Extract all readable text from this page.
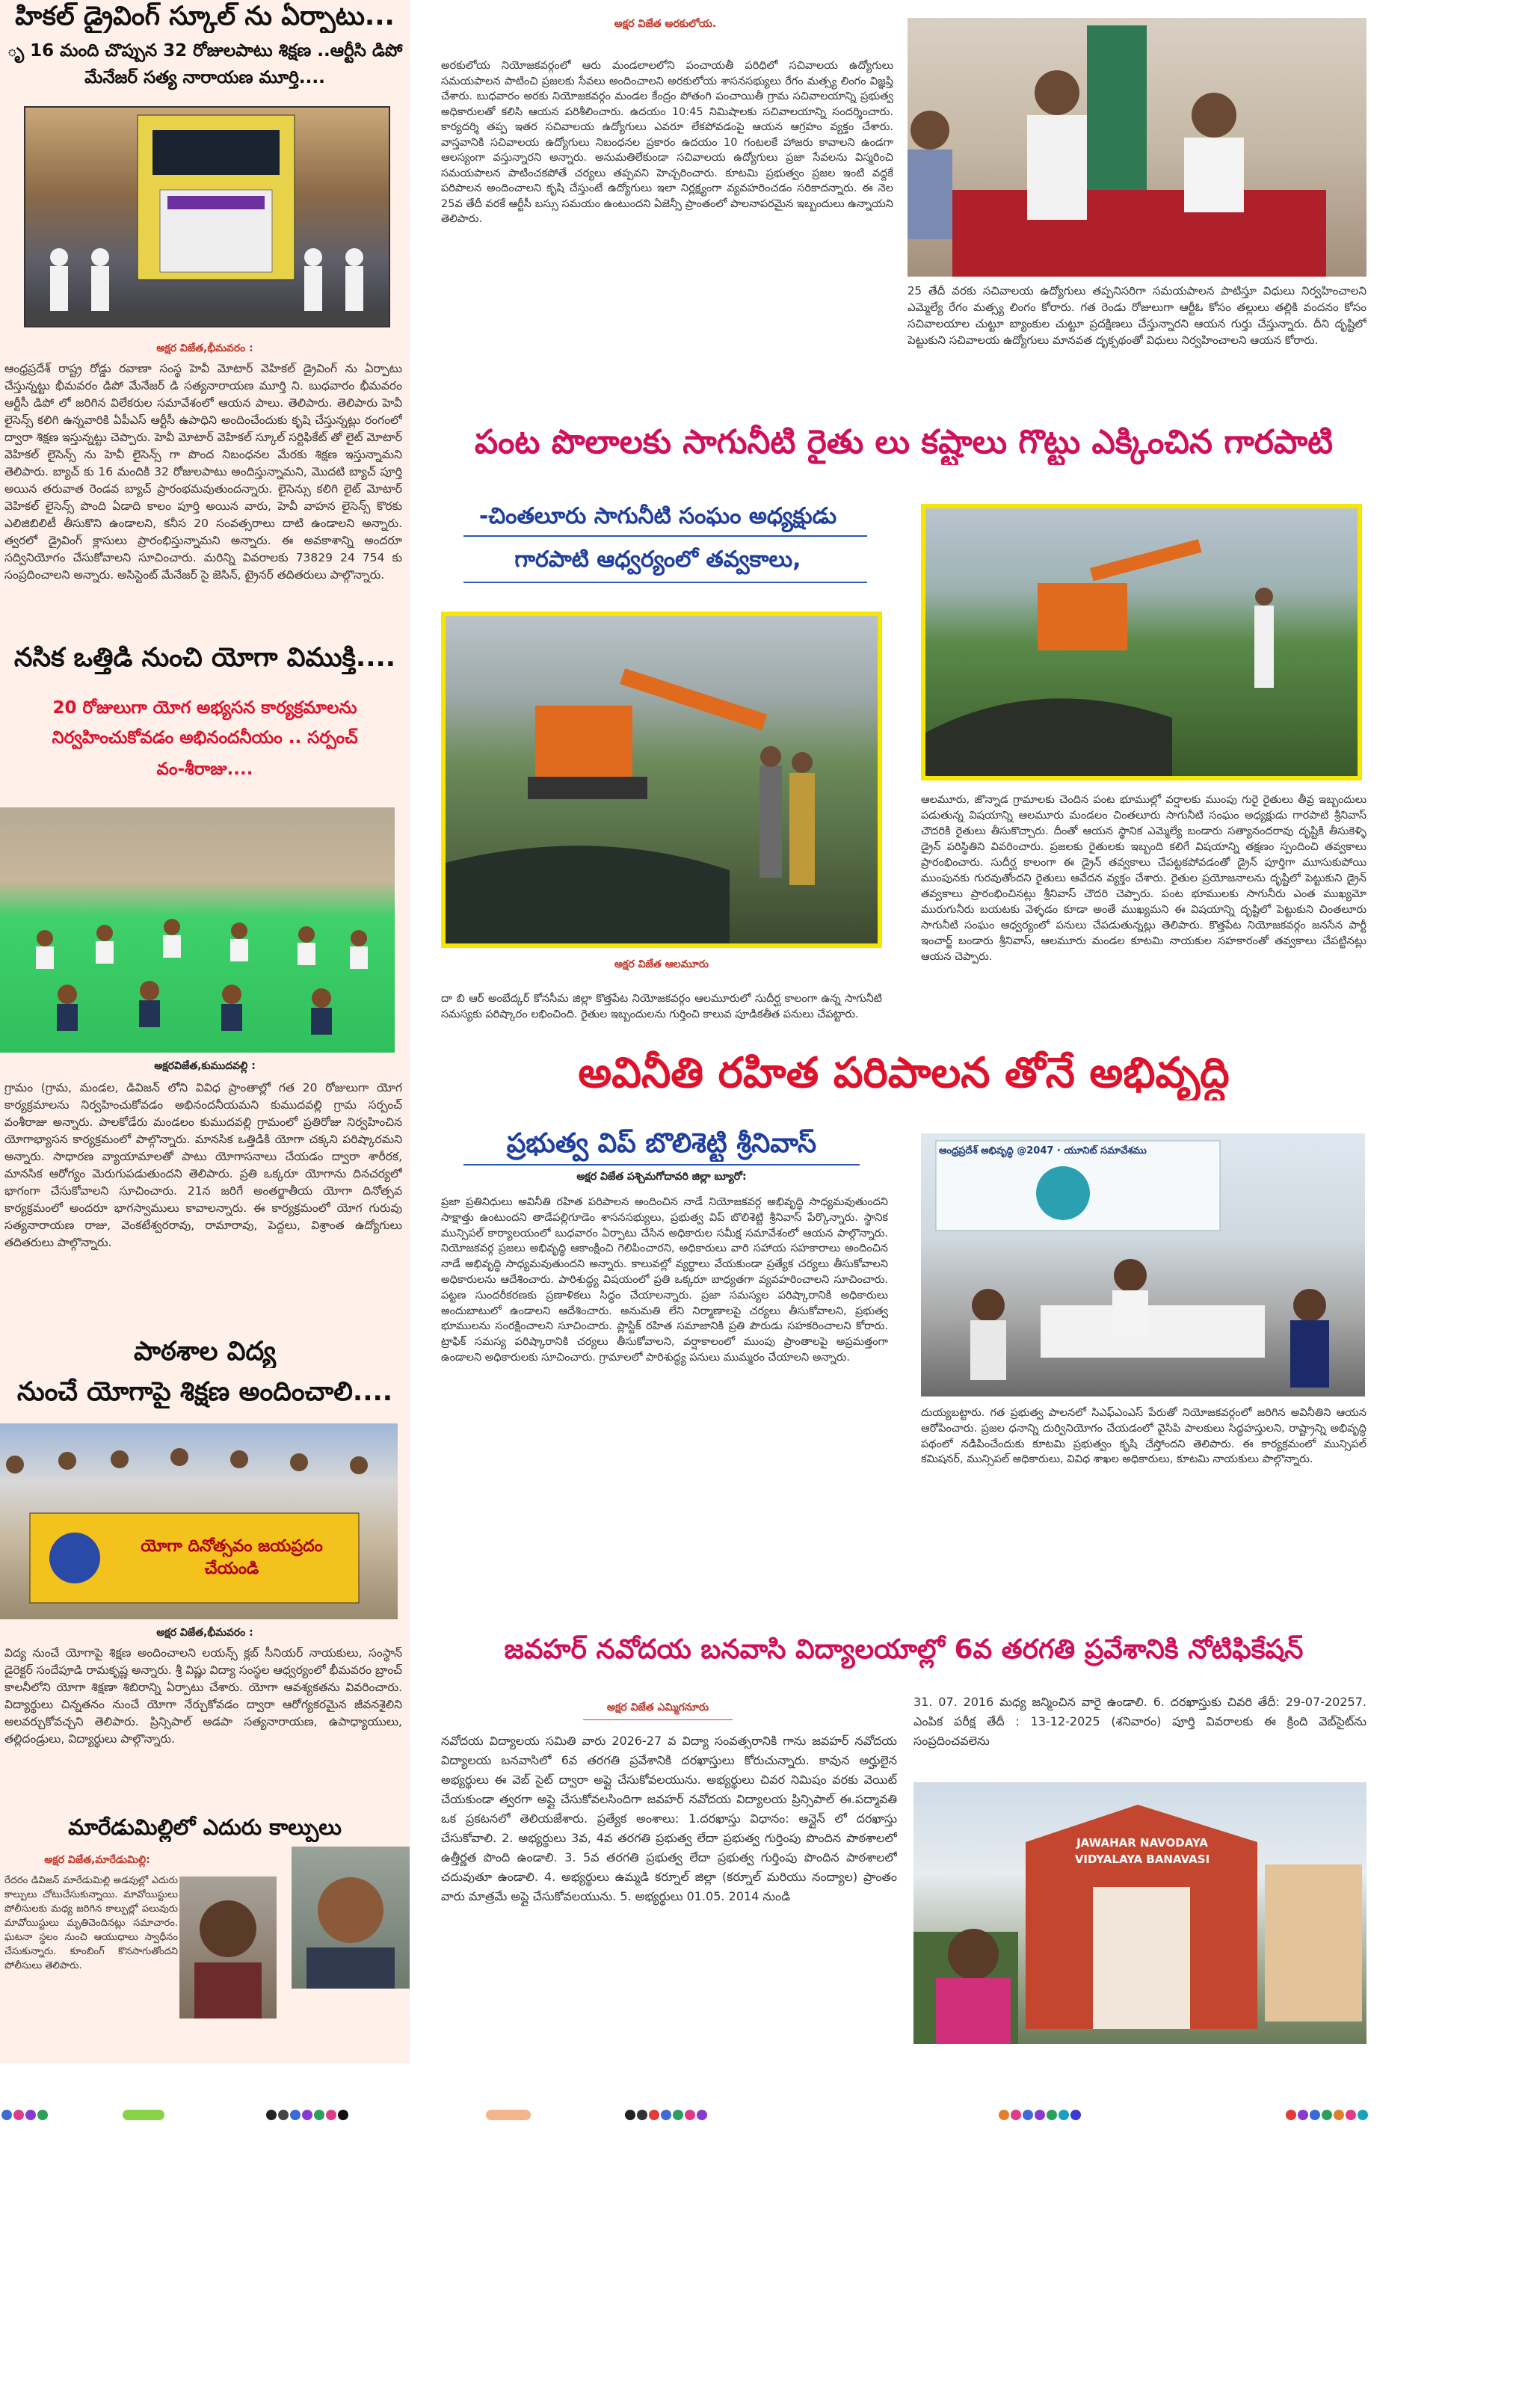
హికల్ డ్రైవింగ్ స్కూల్ ను ఏర్పాటు...
ృ 16 మంది చొప్పున 32 రోజులపాటు శిక్షణ ..ఆర్టీసి డిపో మేనేజర్ సత్య నారాయణ మూర్తి....
అక్షర విజేత,భీమవరం :
ఆంధ్రప్రదేశ్ రాష్ట్ర రోడ్డు రవాణా సంస్థ హెవీ మోటార్ వెహికల్ డ్రైవింగ్ ను ఏర్పాటు చేస్తున్నట్టు భీమవరం డిపో మేనేజర్ డి సత్యనారాయణ మూర్తి ని. బుధవారం భీమవరం ఆర్టీసీ డిపో లో జరిగిన విలేకరుల సమావేశంలో ఆయన పాలు. తెలిపారు. తెలిపారు హెవీ లైసెన్స్ కలిగి ఉన్నవారికి ఏపీఎస్ ఆర్టీసీ ఉపాధిని అందించేందుకు కృషి చేస్తున్నట్లు రంగంలో ద్వారా శిక్షణ ఇస్తున్నట్టు చెప్పారు. హెవీ మోటార్ వెహికల్ స్కూల్ సర్టిఫికేట్ తో లైట్ మోటార్ వెహికల్ లైసెన్స్ ను హెవీ లైసెన్స్ గా పొంద నిబంధనల మేరకు శిక్షణ ఇస్తున్నామని తెలిపారు. బ్యాచ్ కు 16 మందికి 32 రోజులపాటు అందిస్తున్నామని, మొదటి బ్యాచ్ పూర్తి అయిన తరువాత రెండవ బ్యాచ్ ప్రారంభమవుతుందన్నారు. లైసెన్సు కలిగి లైట్ మోటార్ వెహికల్ లైసెన్స్ పొంది ఏడాది కాలం పూర్తి అయిన వారు, హెవీ వాహన లైసెన్స్ కొరకు ఎలిజిబిలిటీ తీసుకొని ఉండాలని, కనీస 20 సంవత్సరాలు దాటి ఉండాలని అన్నారు. త్వరలో డ్రైవింగ్ క్లాసులు ప్రారంభిస్తున్నామని అన్నారు. ఈ అవకాశాన్ని అందరూ సద్వినియోగం చేసుకోవాలని సూచించారు. మరిన్ని వివరాలకు 73829 24 754 కు సంప్రదించాలని అన్నారు. అసిస్టెంట్ మేనేజర్ సై జెసిన్, ట్రైనర్ తదితరులు పాల్గొన్నారు.
నసిక ఒత్తిడి నుంచి యోగా విముక్తి....
20 రోజులుగా యోగ అభ్యసన కార్యక్రమాలను
నిర్వహించుకోవడం అభినందనీయం .. సర్పంచ్
వం-శీరాజు....
అక్షరవిజేత,కుముదవల్లి :
గ్రామం (గ్రామ, మండల, డివిజన్ లోని వివిధ ప్రాంతాల్లో గత 20 రోజులుగా యోగ కార్యక్రమాలను నిర్వహించుకోవడం అభినందనీయమని కుముదవల్లి గ్రామ సర్పంచ్ వంశీరాజు అన్నారు. పాలకోడేరు మండలం కుముదవల్లి గ్రామంలో ప్రతిరోజు నిర్వహించిన యోగాభ్యాసన కార్యక్రమంలో పాల్గొన్నారు. మానసిక ఒత్తిడికి యోగా చక్కని పరిష్కారమని అన్నారు. సాధారణ వ్యాయామాలతో పాటు యోగాసనాలు చేయడం ద్వారా శారీరక, మానసిక ఆరోగ్యం మెరుగుపడుతుందని తెలిపారు. ప్రతి ఒక్కరూ యోగాను దినచర్యలో భాగంగా చేసుకోవాలని సూచించారు. 21న జరిగే అంతర్జాతీయ యోగా దినోత్సవ కార్యక్రమంలో అందరూ భాగస్వాములు కావాలన్నారు. ఈ కార్యక్రమంలో యోగ గురువు సత్యనారాయణ రాజు, వెంకటేశ్వరరావు, రామారావు, పెద్దలు, విశ్రాంత ఉద్యోగులు తదితరులు పాల్గొన్నారు.
పాఠశాల విద్య
నుంచే యోగాపై శిక్షణ అందించాలి....
యోగా దినోత్సవం జయప్రదం చేయండి
అక్షర విజేత,భీమవరం :
విద్య నుంచే యోగాపై శిక్షణ అందించాలని లయన్స్ క్లబ్ సీనియర్ నాయకులు, సంస్థాన్ డైరెక్టర్ సందేపూడి రామకృష్ణ అన్నారు. శ్రీ విష్ణు విద్యా సంస్థల ఆధ్వర్యంలో భీమవరం బ్రాంచ్ కాలనీలోని యోగా శిక్షణా శిబిరాన్ని ఏర్పాటు చేశారు. యోగా ఆవశ్యకతను వివరించారు. విద్యార్థులు చిన్నతనం నుంచే యోగా నేర్చుకోవడం ద్వారా ఆరోగ్యకరమైన జీవనశైలిని అలవర్చుకోవచ్చని తెలిపారు. ప్రిన్సిపాల్ అడపా సత్యనారాయణ, ఉపాధ్యాయులు, తల్లిదండ్రులు, విద్యార్థులు పాల్గొన్నారు.
మారేడుమిల్లిలో ఎదురు కాల్పులు
అక్షర విజేత,మారేడుమిల్లి:
రేదరం డివిజన్ మారేడుమిల్లి అడవుల్లో ఎదురు కాల్పులు చోటుచేసుకున్నాయి. మావోయిస్టులు పోలీసులకు మధ్య జరిగిన కాల్పుల్లో పలువురు మావోయిస్టులు మృతిచెందినట్లు సమాచారం. ఘటనా స్థలం నుంచి ఆయుధాలు స్వాధీనం చేసుకున్నారు. కూంబింగ్ కొనసాగుతోందని పోలీసులు తెలిపారు.
అక్షర విజేత అరకులోయ.
అరకులోయ నియోజకవర్గంలో ఆరు మండలాలలోని పంచాయతీ పరిధిలో సచివాలయ ఉద్యోగులు సమయపాలన పాటించి ప్రజలకు సేవలు అందించాలని అరకులోయ శాసనసభ్యులు రేగం మత్స్య లింగం విజ్ఞప్తి చేశారు. బుధవారం అరకు నియోజకవర్గం మండల కేంద్రం పోతంగి పంచాయితీ గ్రామ సచివాలయాన్ని ప్రభుత్వ అధికారులతో కలిసి ఆయన పరిశీలించారు. ఉదయం 10:45 నిమిషాలకు సచివాలయాన్ని సందర్శించారు. కార్యదర్శి తప్ప ఇతర సచివాలయ ఉద్యోగులు ఎవరూ లేకపోవడంపై ఆయన ఆగ్రహం వ్యక్తం చేశారు. వాస్తవానికి సచివాలయ ఉద్యోగులు నిబంధనల ప్రకారం ఉదయం 10 గంటలకే హాజరు కావాలని ఉండగా ఆలస్యంగా వస్తున్నారని అన్నారు. అనుమతిలేకుండా సచివాలయ ఉద్యోగులు ప్రజా సేవలను విస్మరించి సమయపాలన పాటించకపోతే చర్యలు తప్పవని హెచ్చరించారు. కూటమి ప్రభుత్వం ప్రజల ఇంటి వద్దకే పరిపాలన అందించాలని కృషి చేస్తుంటే ఉద్యోగులు ఇలా నిర్లక్ష్యంగా వ్యవహరించడం సరికాదన్నారు. ఈ నెల 25వ తేదీ వరకే ఆర్టీసీ బస్సు సమయం ఉంటుందని ఏజెన్సీ ప్రాంతంలో పాలనాపరమైన ఇబ్బందులు ఉన్నాయని తెలిపారు.
25 తేదీ వరకు సచివాలయ ఉద్యోగులు తప్పనిసరిగా సమయపాలన పాటిస్తూ విధులు నిర్వహించాలని ఎమ్మెల్యే రేగం మత్స్య లింగం కోరారు. గత రెండు రోజులుగా ఆర్టీఓ కోసం తల్లులు తల్లికి వందనం కోసం సచివాలయాల చుట్టూ బ్యాంకుల చుట్టూ ప్రదక్షిణలు చేస్తున్నారని ఆయన గుర్తు చేస్తున్నారు. దీని దృష్టిలో పెట్టుకుని సచివాలయ ఉద్యోగులు మానవత దృక్పథంతో విధులు నిర్వహించాలని ఆయన కోరారు.
పంట పొలాలకు సాగునీటి రైతు లు కష్టాలు గొట్టు ఎక్కించిన గారపాటి
-చింతలూరు సాగునీటి సంఘం అధ్యక్షుడు
గారపాటి ఆధ్వర్యంలో తవ్వకాలు,
అక్షర విజేత ఆలమూరు
దా బి ఆర్ అంబేద్కర్ కోనసీమ జిల్లా కొత్తపేట నియోజకవర్గం ఆలమూరులో సుదీర్ఘ కాలంగా ఉన్న సాగునీటి సమస్యకు పరిష్కారం లభించింది. రైతుల ఇబ్బందులను గుర్తించి కాలువ పూడికతీత పనులు చేపట్టారు.
ఆలమూరు, జొన్నాడ గ్రామాలకు చెందిన పంట భూముల్లో వర్షాలకు ముంపు గురై రైతులు తీవ్ర ఇబ్బందులు పడుతున్న విషయాన్ని ఆలమూరు మండలం చింతలూరు సాగునీటి సంఘం అధ్యక్షుడు గారపాటి శ్రీనివాస్ చౌదరికి రైతులు తీసుకొచ్చారు. దీంతో ఆయన స్థానిక ఎమ్మెల్యే బండారు సత్యానందరావు దృష్టికి తీసుకెళ్ళి డ్రైన్ పరిస్థితిని వివరించారు. ప్రజలకు రైతులకు ఇబ్బంది కలిగే విషయాన్ని తక్షణం స్పందించి తవ్వకాలు ప్రారంభించారు. సుదీర్ఘ కాలంగా ఈ డ్రైన్ తవ్వకాలు చేపట్టకపోవడంతో డ్రైన్ పూర్తిగా మూసుకుపోయి ముంపునకు గురవుతోందని రైతులు ఆవేదన వ్యక్తం చేశారు. రైతుల ప్రయోజనాలను దృష్టిలో పెట్టుకుని డ్రైన్ తవ్వకాలు ప్రారంభించినట్లు శ్రీనివాస్ చౌదరి చెప్పారు. పంట భూములకు సాగునీరు ఎంత ముఖ్యమో మురుగునీరు బయటకు వెళ్ళడం కూడా అంతే ముఖ్యమని ఈ విషయాన్ని దృష్టిలో పెట్టుకుని చింతలూరు సాగునీటి సంఘం ఆధ్వర్యంలో పనులు చేపడుతున్నట్లు తెలిపారు. కొత్తపేట నియోజకవర్గం జనసేన పార్టీ ఇంచార్జ్ బండారు శ్రీనివాస్, ఆలమూరు మండల కూటమి నాయకుల సహకారంతో తవ్వకాలు చేపట్టినట్లు ఆయన చెప్పారు.
అవినీతి రహిత పరిపాలన తోనే అభివృద్ధి
ప్రభుత్వ విప్ బొలిశెట్టి శ్రీనివాస్
అక్షర విజేత పశ్చిమగోదావరి జిల్లా బ్యూరో:
ప్రజా ప్రతినిధులు అవినీతి రహిత పరిపాలన అందించిన నాడే నియోజకవర్గ అభివృద్ధి సాధ్యమవుతుందని సాక్షాత్తు ఉంటుందని తాడేపల్లిగూడెం శాసనసభ్యులు, ప్రభుత్వ విప్ బొలిశెట్టి శ్రీనివాస్ పేర్కొన్నారు. స్థానిక మున్సిపల్ కార్యాలయంలో బుధవారం ఏర్పాటు చేసిన అధికారుల సమీక్ష సమావేశంలో ఆయన పాల్గొన్నారు. నియోజకవర్గ ప్రజలు అభివృద్ధి ఆకాంక్షించి గెలిపించారని, అధికారులు వారి సహాయ సహకారాలు అందించిన నాడే అభివృద్ధి సాధ్యమవుతుందని అన్నారు. కాలువల్లో వ్యర్థాలు వేయకుండా ప్రత్యేక చర్యలు తీసుకోవాలని అధికారులను ఆదేశించారు. పారిశుద్ధ్య విషయంలో ప్రతి ఒక్కరూ బాధ్యతగా వ్యవహరించాలని సూచించారు. పట్టణ సుందరీకరణకు ప్రణాళికలు సిద్ధం చేయాలన్నారు. ప్రజా సమస్యల పరిష్కారానికి అధికారులు అందుబాటులో ఉండాలని ఆదేశించారు. అనుమతి లేని నిర్మాణాలపై చర్యలు తీసుకోవాలని, ప్రభుత్వ భూములను సంరక్షించాలని సూచించారు. ప్లాస్టిక్ రహిత సమాజానికి ప్రతి పౌరుడు సహకరించాలని కోరారు. ట్రాఫిక్ సమస్య పరిష్కారానికి చర్యలు తీసుకోవాలని, వర్షాకాలంలో ముంపు ప్రాంతాలపై అప్రమత్తంగా ఉండాలని అధికారులకు సూచించారు. గ్రామాలలో పారిశుద్ధ్య పనులు ముమ్మరం చేయాలని అన్నారు.
ఆంధ్రప్రదేశ్ అభివృద్ధి @2047 · యూనిట్ సమావేశము
దుయ్యబట్టారు. గత ప్రభుత్వ పాలనలో సిఎఫ్ఎంఎస్ పేరుతో నియోజకవర్గంలో జరిగిన అవినీతిని ఆయన ఆరోపించారు. ప్రజల ధనాన్ని దుర్వినియోగం చేయడంలో వైసిపి పాలకులు సిద్ధహస్తులని, రాష్ట్రాన్ని అభివృద్ధి పథంలో నడిపించేందుకు కూటమి ప్రభుత్వం కృషి చేస్తోందని తెలిపారు. ఈ కార్యక్రమంలో మున్సిపల్ కమిషనర్, మున్సిపల్ అధికారులు, వివిధ శాఖల అధికారులు, కూటమి నాయకులు పాల్గొన్నారు.
జవహర్ నవోదయ బనవాసి విద్యాలయాల్లో 6వ తరగతి ప్రవేశానికి నోటిఫికేషన్
అక్షర విజేత ఎమ్మిగనూరు
నవోదయ విద్యాలయ సమితి వారు 2026-27 వ విద్యా సంవత్సరానికి గాను జవహర్ నవోదయ విద్యాలయ బనవాసిలో 6వ తరగతి ప్రవేశానికి దరఖాస్తులు కోరుచున్నారు. కావున అర్హులైన అభ్యర్థులు ఈ వెబ్ సైట్ ద్వారా అప్లై చేసుకోవలయును. అభ్యర్థులు చివర నిమిషం వరకు వెయిట్ చేయకుండా త్వరగా అప్లై చేసుకోవలసిందిగా జవహర్ నవోదయ విద్యాలయ ప్రిన్సిపాల్ ఈ.పద్మావతి ఒక ప్రకటనలో తెలియజేశారు. ప్రత్యేక అంశాలు: 1.దరఖాస్తు విధానం: ఆన్లైన్ లో దరఖాస్తు చేసుకోవాలి. 2. అభ్యర్థులు 3వ, 4వ తరగతి ప్రభుత్వ లేదా ప్రభుత్వ గుర్తింపు పొందిన పాఠశాలలో ఉత్తీర్ణత పొంది ఉండాలి. 3. 5వ తరగతి ప్రభుత్వ లేదా ప్రభుత్వ గుర్తింపు పొందిన పాఠశాలలో చదువుతూ ఉండాలి. 4. అభ్యర్థులు ఉమ్మడి కర్నూల్ జిల్లా (కర్నూల్ మరియు నంద్యాల) ప్రాంతం వారు మాత్రమే అప్లై చేసుకోవలయును. 5. అభ్యర్థులు 01.05. 2014 నుండి
31. 07. 2016 మధ్య జన్మించిన వారై ఉండాలి. 6. దరఖాస్తుకు చివరి తేదీ: 29-07-20257. ఎంపిక పరీక్ష తేదీ : 13-12-2025 (శనివారం) పూర్తి వివరాలకు ఈ క్రింది వెబ్‌సైట్‌ను సంప్రదించవలెను
JAWAHAR NAVODAYA VIDYALAYA BANAVASI
